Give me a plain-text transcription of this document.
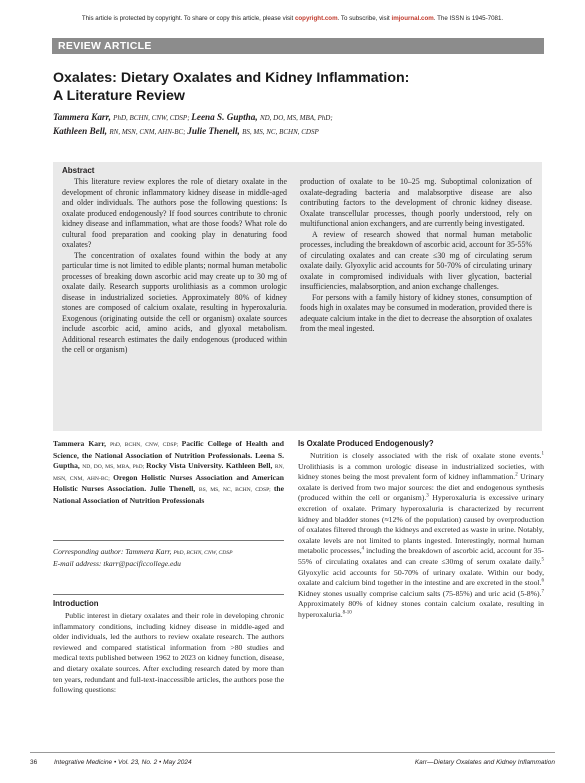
This article is protected by copyright. To share or copy this article, please visit copyright.com. To subscribe, visit imjournal.com. The ISSN is 1945-7081.
REVIEW ARTICLE
Oxalates: Dietary Oxalates and Kidney Inflammation:
A Literature Review
Tammera Karr, PhD, BCHN, CNW, CDSP; Leena S. Guptha, ND, DO, MS, MBA, PhD;
Kathleen Bell, RN, MSN, CNM, AHN-BC; Julie Thenell, BS, MS, NC, BCHN, CDSP
Abstract

This literature review explores the role of dietary oxalate in the development of chronic inflammatory kidney disease in middle-aged and older individuals. The authors pose the following questions: Is oxalate produced endogenously? If food sources contribute to chronic kidney disease and inflammation, what are those foods? What role do cultural food preparation and cooking play in denaturing food oxalates?

The concentration of oxalates found within the body at any particular time is not limited to edible plants; normal human metabolic processes of breaking down ascorbic acid may create up to 30 mg of oxalate daily. Research supports urolithiasis as a common urologic disease in industrialized societies. Approximately 80% of kidney stones are composed of calcium oxalate, resulting in hyperoxaluria. Exogenous (originating outside the cell or organism) oxalate sources include ascorbic acid, amino acids, and glyoxal metabolism. Additional research estimates the daily endogenous (produced within the cell or organism)

production of oxalate to be 10–25 mg. Suboptimal colonization of oxalate-degrading bacteria and malabsorptive disease are also contributing factors to the development of chronic kidney disease. Oxalate transcellular processes, though poorly understood, rely on multifunctional anion exchangers, and are currently being investigated.

A review of research showed that normal human metabolic processes, including the breakdown of ascorbic acid, account for 35-55% of circulating oxalates and can create ≤30 mg of circulating serum oxalate daily. Glyoxylic acid accounts for 50-70% of circulating urinary oxalate in compromised individuals with liver glycation, bacterial insufficiencies, malabsorption, and anion exchange challenges.

For persons with a family history of kidney stones, consumption of foods high in oxalates may be consumed in moderation, provided there is adequate calcium intake in the diet to decrease the absorption of oxalates from the meal ingested.

Tammera Karr, PhD, BCHN, CNW, CDSP; Pacific College of Health and Science, the National Association of Nutrition Professionals. Leena S. Guptha, ND, DO, MS, MBA, PhD; Rocky Vista University. Kathleen Bell, RN, MSN, CNM, AHN-BC; Oregon Holistic Nurses Association and American Holistic Nurses Association. Julie Thenell, BS, MS, NC, BCHN, CDSP; the National Association of Nutrition Professionals
Corresponding author: Tammera Karr, PhD, BCHN, CNW, CDSP
E-mail address: tkarr@pacificcollege.edu
Introduction

Public interest in dietary oxalates and their role in developing chronic inflammatory conditions, including kidney disease in middle-aged and older individuals, led the authors to review oxalate research. The authors reviewed and compared statistical information from >80 studies and medical texts published between 1962 to 2023 on kidney function, disease, and dietary oxalate sources. After excluding research dated by more than ten years, redundant and full-text-inaccessible articles, the authors pose the following questions:

Is Oxalate Produced Endogenously?

Nutrition is closely associated with the risk of oxalate stone events.$^1$ Urolithiasis is a common urologic disease in industrialized societies, with kidney stones being the most prevalent form of kidney inflammation.$^2$ Urinary oxalate is derived from two major sources: the diet and endogenous synthesis (produced within the cell or organism).$^3$ Hyperoxaluria is excessive urinary excretion of oxalate. Primary hyperoxaluria is characterized by recurrent kidney and bladder stones (≈12% of the population) caused by overproduction of oxalates filtered through the kidneys and excreted as waste in urine. Notably, oxalate levels are not limited to plants ingested. Interestingly, normal human metabolic processes,$^4$ including the breakdown of ascorbic acid, account for 35-55% of circulating oxalates and can create ≤30mg of serum oxalate daily.$^5$ Glyoxylic acid accounts for 50-70% of urinary oxalate. Within our body, oxalate and calcium bind together in the intestine and are excreted in the stool.$^6$ Kidney stones usually comprise calcium salts (75-85%) and uric acid (5-8%).$^7$ Approximately 80% of kidney stones contain calcium oxalate, resulting in hyperoxaluria.$^{8-10}$

36	Integrative Medicine • Vol. 23, No. 2 • May 2024	Karr—Dietary Oxalates and Kidney Inflammation
